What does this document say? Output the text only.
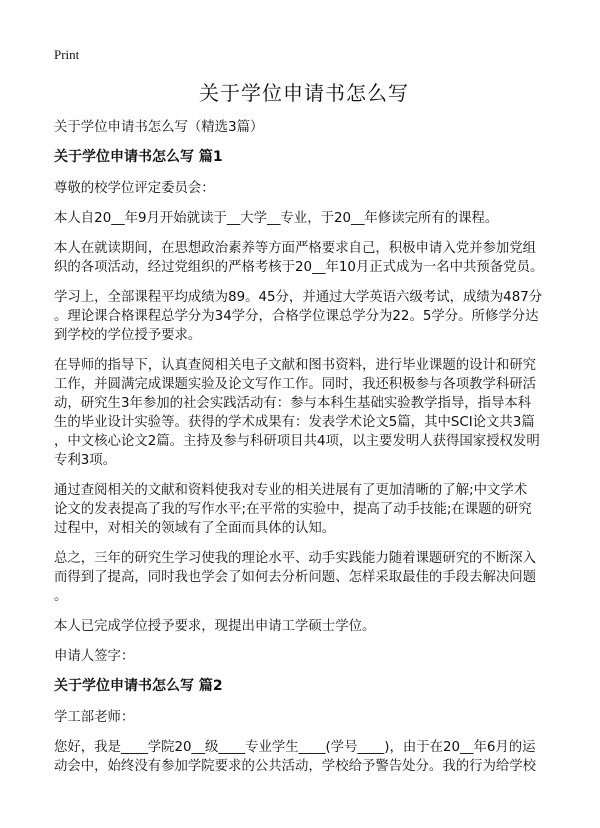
Print
关于学位申请书怎么写

关于学位申请书怎么写（精选3篇）

关于学位申请书怎么写 篇1

尊敬的校学位评定委员会：

本人自20__年9月开始就读于__大学__专业，于20__年修读完所有的课程。

本人在就读期间，在思想政治素养等方面严格要求自己，积极申请入党并参加党组
织的各项活动，经过党组织的严格考核于20__年10月正式成为一名中共预备党员。

学习上，全部课程平均成绩为89。45分，并通过大学英语六级考试，成绩为487分
。理论课合格课程总学分为34学分，合格学位课总学分为22。5学分。所修学分达
到学校的学位授予要求。

在导师的指导下，认真查阅相关电子文献和图书资料，进行毕业课题的设计和研究
工作，并圆满完成课题实验及论文写作工作。同时，我还积极参与各项教学科研活
动，研究生3年参加的社会实践活动有：参与本科生基础实验教学指导，指导本科
生的毕业设计实验等。获得的学术成果有：发表学术论文5篇，其中SCI论文共3篇
，中文核心论文2篇。主持及参与科研项目共4项，以主要发明人获得国家授权发明
专利3项。

通过查阅相关的文献和资料使我对专业的相关进展有了更加清晰的了解;中文学术
论文的发表提高了我的写作水平;在平常的实验中，提高了动手技能;在课题的研究
过程中，对相关的领域有了全面而具体的认知。

总之，三年的研究生学习使我的理论水平、动手实践能力随着课题研究的不断深入
而得到了提高，同时我也学会了如何去分析问题、怎样采取最佳的手段去解决问题
。

本人已完成学位授予要求，现提出申请工学硕士学位。

申请人签字：

关于学位申请书怎么写 篇2

学工部老师：

您好，我是____学院20__级____专业学生____(学号____)，由于在20__年6月的运
动会中，始终没有参加学院要求的公共活动，学校给予警告处分。我的行为给学校
